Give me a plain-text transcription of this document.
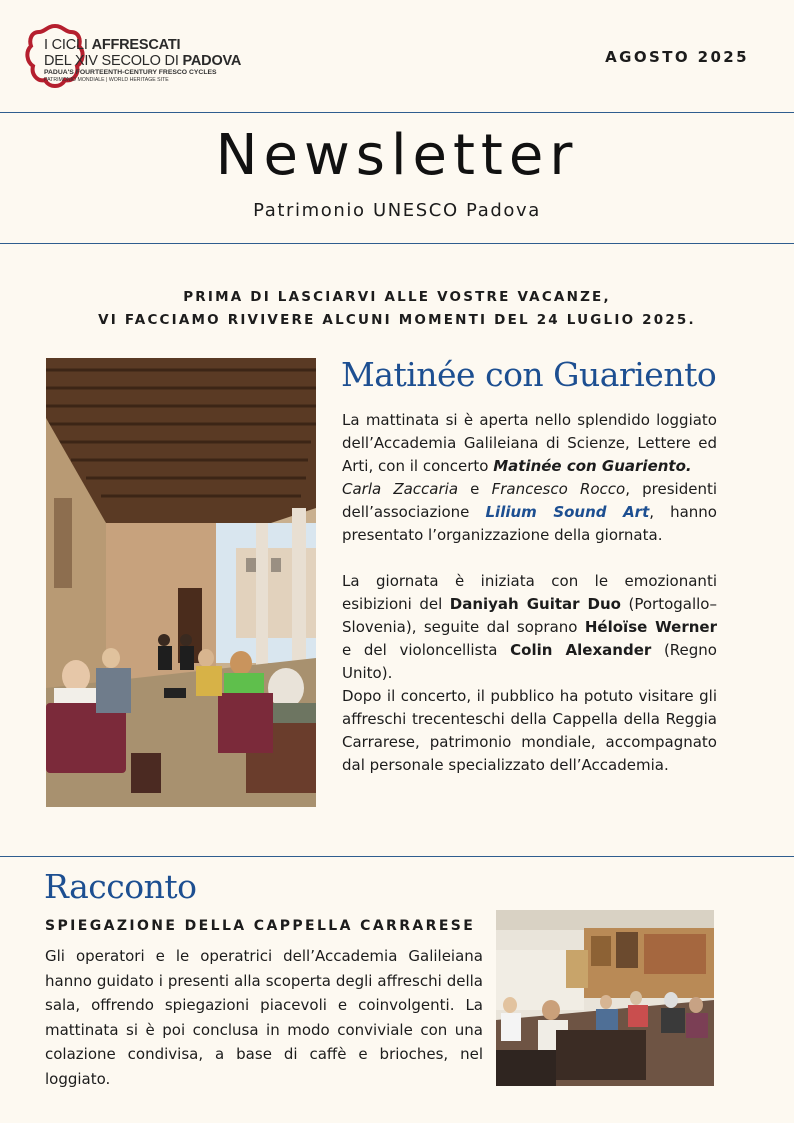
I CICLI AFFRESCATI
DEL XIV SECOLO DI PADOVA
PADUA'S FOURTEENTH-CENTURY FRESCO CYCLES
PATRIMONIO MONDIALE | WORLD HERITAGE SITE
AGOSTO 2025
Newsletter
Patrimonio UNESCO Padova
PRIMA DI LASCIARVI ALLE VOSTRE VACANZE,
VI FACCIAMO RIVIVERE ALCUNI MOMENTI DEL 24 LUGLIO 2025.
Matinée con Guariento

La mattinata si è aperta nello splendido loggiato dell’Accademia Galileiana di Scienze, Lettere ed Arti, con il concerto Matinée con Guariento.

Carla Zaccaria e Francesco Rocco, presidenti dell’associazione Lilium Sound Art, hanno presentato l’organizzazione della giornata.

La giornata è iniziata con le emozionanti esibizioni del Daniyah Guitar Duo (Portogallo–Slovenia), seguite dal soprano Héloïse Werner e del violoncellista Colin Alexander (Regno Unito).

Dopo il concerto, il pubblico ha potuto visitare gli affreschi trecenteschi della Cappella della Reggia Carrarese, patrimonio mondiale, accompagnato dal personale specializzato dell’Accademia.

Racconto
SPIEGAZIONE DELLA CAPPELLA CARRARESE
Gli operatori e le operatrici dell’Accademia Galileiana hanno guidato i presenti alla scoperta degli affreschi della sala, offrendo spiegazioni piacevoli e coinvolgenti. La mattinata si è poi conclusa in modo conviviale con una colazione condivisa, a base di caffè e brioches, nel loggiato.
